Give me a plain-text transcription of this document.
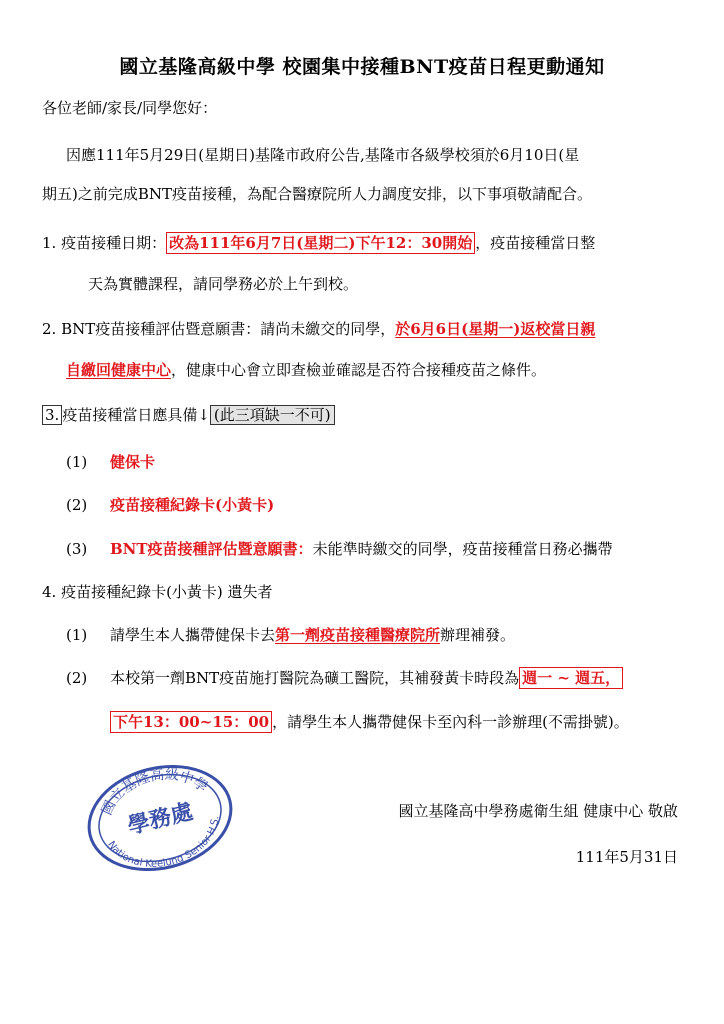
國立基隆高級中學 校園集中接種BNT疫苗日程更動通知
各位老師/家長/同學您好：
因應111年5月29日(星期日)基隆市政府公告,基隆市各級學校須於6月10日(星
期五)之前完成BNT疫苗接種，為配合醫療院所人力調度安排，以下事項敬請配合。
1. 疫苗接種日期： 改為111年6月7日(星期二)下午12：30開始 ，疫苗接種當日整
天為實體課程，請同學務必於上午到校。
2. BNT疫苗接種評估暨意願書：請尚未繳交的同學，於6月6日(星期一)返校當日親
自繳回健康中心，健康中心會立即查檢並確認是否符合接種疫苗之條件。
3. 疫苗接種當日應具備↓ (此三項缺一不可)
(1) 健保卡
(2) 疫苗接種紀錄卡(小黃卡)
(3) BNT疫苗接種評估暨意願書：未能準時繳交的同學，疫苗接種當日務必攜帶
4. 疫苗接種紀錄卡(小黃卡) 遺失者
(1) 請學生本人攜帶健保卡去第一劑疫苗接種醫療院所辦理補發。
(2) 本校第一劑BNT疫苗施打醫院為礦工醫院，其補發黃卡時段為 週一 ~ 週五，
下午13：00~15：00 ，請學生本人攜帶健保卡至內科一診辦理(不需掛號)。
國立基隆高級中學
學務處
National Keelung Senior H.S.	國立基隆高中學務處衛生組 健康中心 敬啟
111年5月31日
